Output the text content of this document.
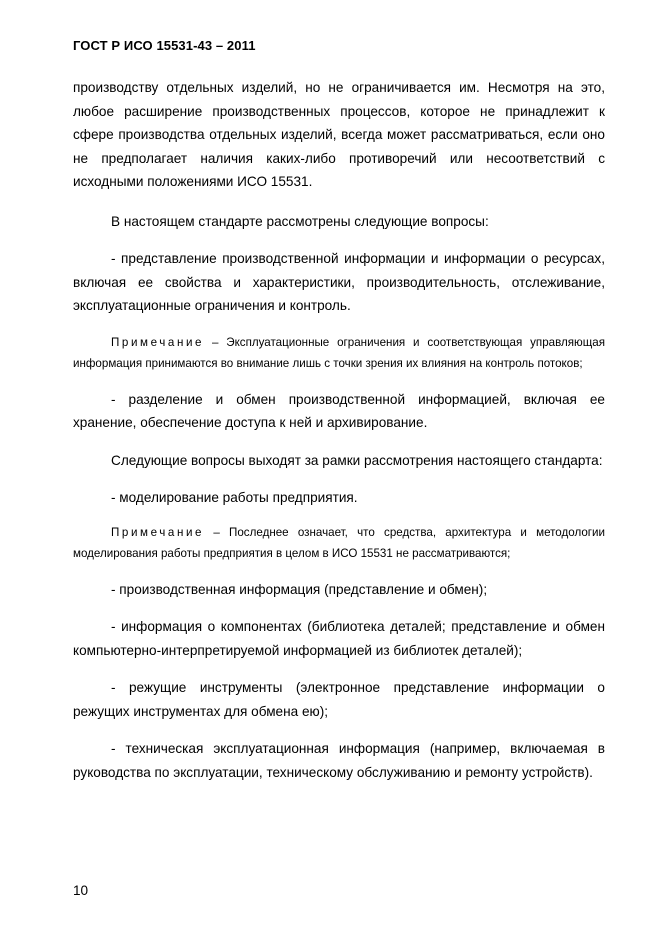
ГОСТ Р ИСО 15531-43 – 2011

производству отдельных изделий, но не ограничивается им. Несмотря на это, любое расширение производственных процессов, которое не принадлежит к сфере производства отдельных изделий, всегда может рассматриваться, если оно не предполагает наличия каких-либо противоречий или несоответствий с исходными положениями ИСО 15531.

В настоящем стандарте рассмотрены следующие вопросы:

- представление производственной информации и информации о ресурсах, включая ее свойства и характеристики, производительность, отслеживание, эксплуатационные ограничения и контроль.

Примечание – Эксплуатационные ограничения и соответствующая управляющая информация принимаются во внимание лишь с точки зрения их влияния на контроль потоков;

- разделение и обмен производственной информацией, включая ее хранение, обеспечение доступа к ней и архивирование.

Следующие вопросы выходят за рамки рассмотрения настоящего стандарта:

- моделирование работы предприятия.

Примечание – Последнее означает, что средства, архитектура и методологии моделирования работы предприятия в целом в ИСО 15531 не рассматриваются;

- производственная информация (представление и обмен);

- информация о компонентах (библиотека деталей; представление и обмен компьютерно-интерпретируемой информацией из библиотек деталей);

- режущие инструменты (электронное представление информации о режущих инструментах для обмена ею);

- техническая эксплуатационная информация (например, включаемая в руководства по эксплуатации, техническому обслуживанию и ремонту устройств).

10
